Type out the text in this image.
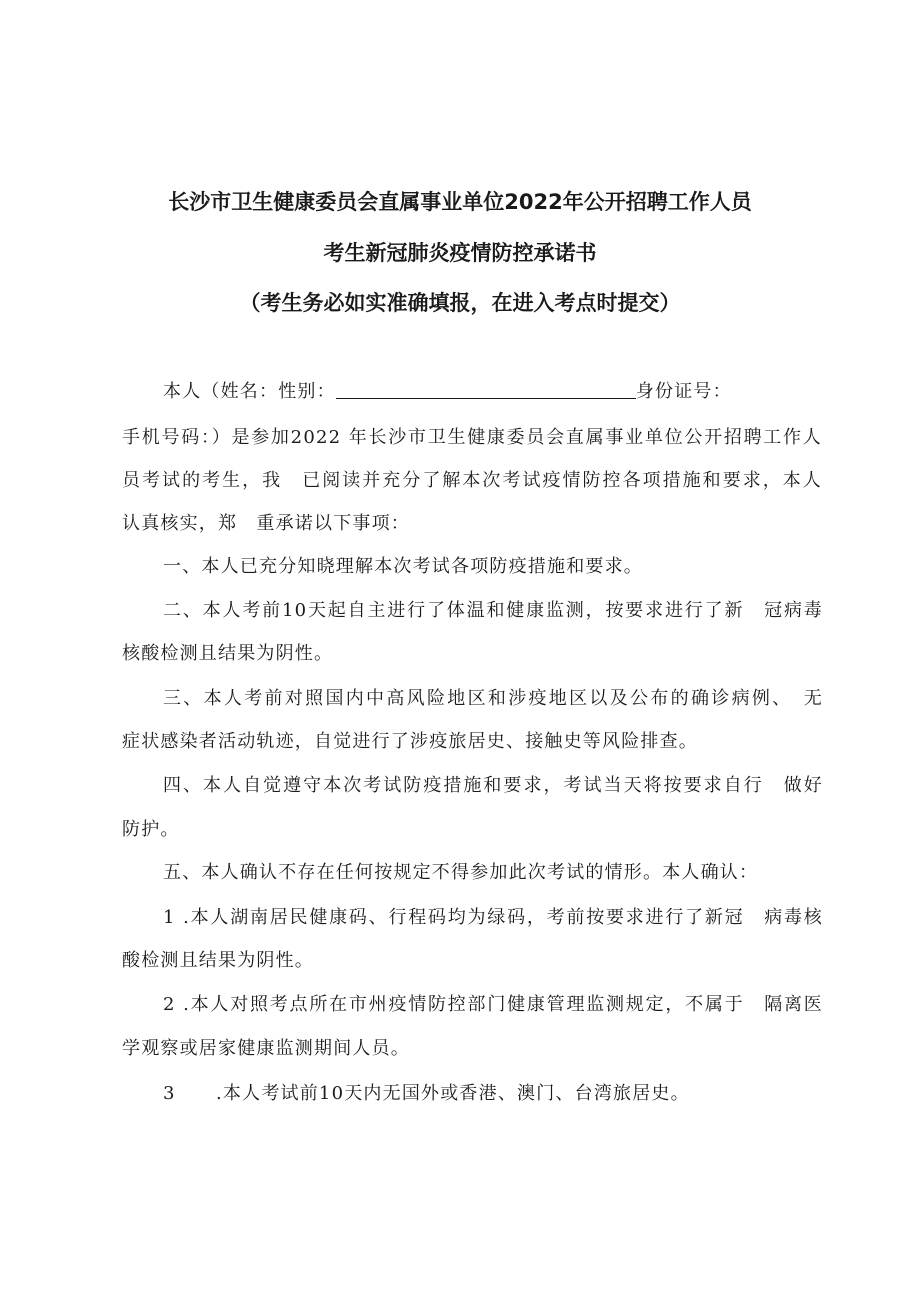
长沙市卫生健康委员会直属事业单位2022年公开招聘工作人员
考生新冠肺炎疫情防控承诺书
（考生务必如实准确填报，在进入考点时提交）
本人（姓名：性别：	身份证号：
手机号码：）是参加2022 年长沙市卫生健康委员会直属事业单位公开招聘工作人
员考试的考生，我　已阅读并充分了解本次考试疫情防控各项措施和要求，本人
认真核实，郑　重承诺以下事项：
一、本人已充分知晓理解本次考试各项防疫措施和要求。
二、本人考前10天起自主进行了体温和健康监测，按要求进行了新　冠病毒
核酸检测且结果为阴性。
三、本人考前对照国内中高风险地区和涉疫地区以及公布的确诊病例、　无
症状感染者活动轨迹，自觉进行了涉疫旅居史、接触史等风险排查。
四、本人自觉遵守本次考试防疫措施和要求，考试当天将按要求自行　做好
防护。
五、本人确认不存在任何按规定不得参加此次考试的情形。本人确认：
1 .本人湖南居民健康码、行程码均为绿码，考前按要求进行了新冠　病毒核
酸检测且结果为阴性。
2 .本人对照考点所在市州疫情防控部门健康管理监测规定，不属于　隔离医
学观察或居家健康监测期间人员。
3	.本人考试前10天内无国外或香港、澳门、台湾旅居史。
